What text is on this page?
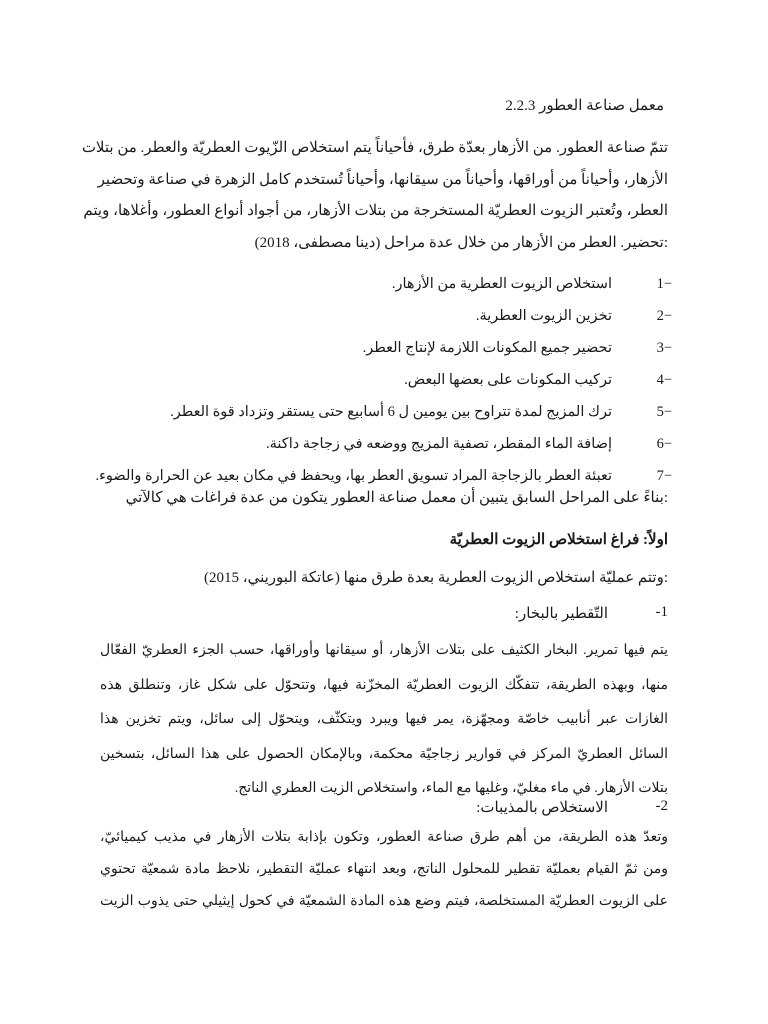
معمل صناعة العطور 2.2.3
تتمّ صناعة العطور. من الأزهار بعدّة طرق، فأحياناً يتم استخلاص الزّيوت العطريّة والعطر. من بتلات
الأزهار، وأحياناً من أوراقها، وأحياناً من سيقانها، وأحياناً تُستخدم كامل الزهرة في صناعة وتحضير
العطر، وتُعتبر الزيوت العطريّة المستخرجة من بتلات الأزهار، من أجواد أنواع العطور، وأغلاها، ويتم
:تحضير. العطر من الأزهار من خلال عدة مراحل (دينا مصطفى، 2018)
1−
استخلاص الزيوت العطرية من الأزهار.
2−
تخزين الزيوت العطرية.
3−
تحضير جميع المكونات اللازمة لإنتاج العطر.
4−
تركيب المكونات على بعضها البعض.
5−
ترك المزيج لمدة تتراوح بين يومين ل 6 أسابيع حتى يستقر وتزداد قوة العطر.
6−
إضافة الماء المقطر، تصفية المزيج ووضعه في زجاجة داكنة.
7−
تعبئة العطر بالزجاجة المراد تسويق العطر بها، ويحفظ في مكان بعيد عن الحرارة والضوء.
:بناءً على المراحل السابق يتبين أن معمل صناعة العطور يتكون من عدة فراغات هي كالآتي
اولاً: فراغ استخلاص الزيوت العطريّة
:وتتم عمليّة استخلاص الزيوت العطرية بعدة طرق منها (عاتكة البوريني، 2015)
-1
التّقطير بالبخار:
يتم فيها تمرير. البخار الكثيف على بتلات الأزهار، أو سيقانها وأوراقها، حسب الجزء العطريّ الفعّال
منها، وبهذه الطريقة، تتفكّك الزيوت العطريّة المخزّنة فيها، وتتحوّل على شكل غاز، وتنطلق هذه
الغازات عبر أنابيب خاصّة ومجهّزة، يمر فيها ويبرد ويتكثّف، ويتحوّل إلى سائل، ويتم تخزين هذا
السائل العطريّ المركز في قوارير زجاجيّة محكمة، وبالإمكان الحصول على هذا السائل، بتسخين
بتلات الأزهار. في ماء مغليّ، وغليها مع الماء، واستخلاص الزيت العطري الناتج.
-2
الاستخلاص بالمذيبات:
وتعدّ هذه الطريقة، من أهم طرق صناعة العطور، وتكون بإذابة بتلات الأزهار في مذيب كيميائيّ،
ومن ثمّ القيام بعمليّة تقطير للمحلول الناتج، وبعد انتهاء عمليّة التقطير، نلاحظ مادة شمعيّة تحتوي
على الزيوت العطريّة المستخلصة، فيتم وضع هذه المادة الشمعيّة في كحول إيثيلي حتى يذوب الزيت
